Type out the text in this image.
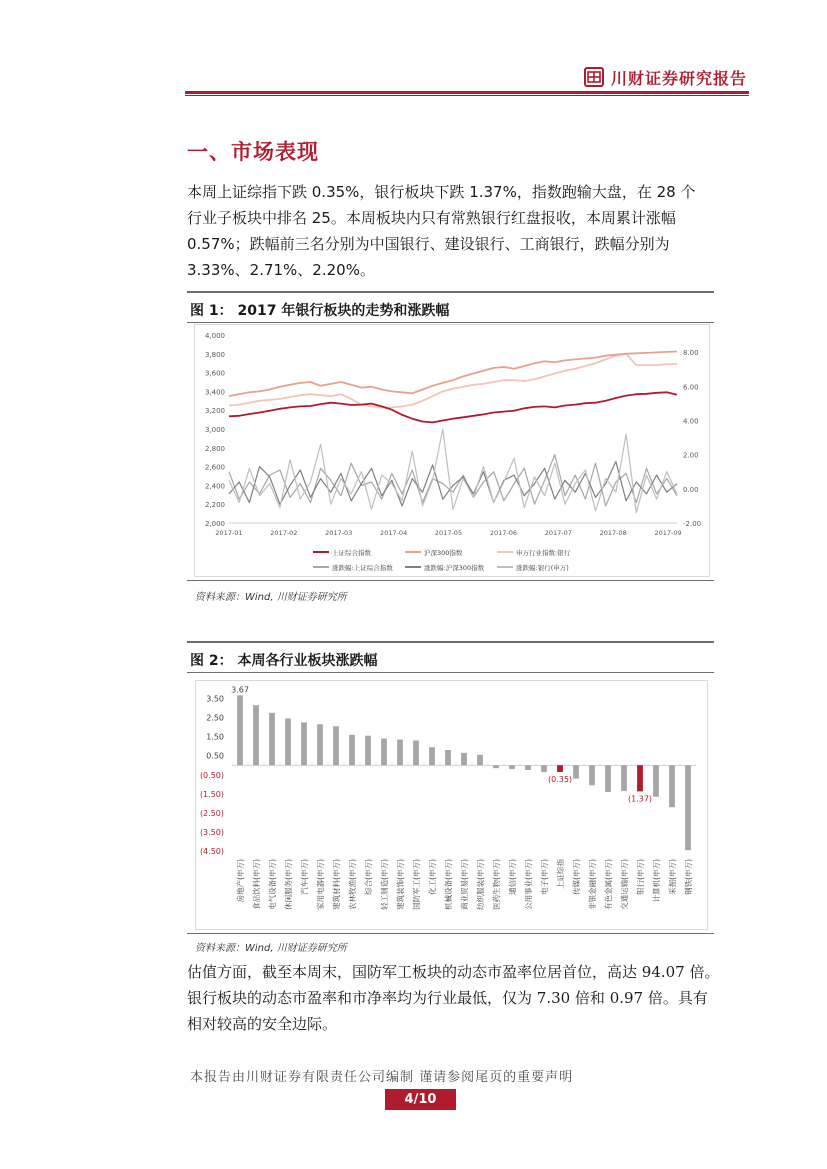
川财证券研究报告
一、市场表现
本周上证综指下跌 0.35%，银行板块下跌 1.37%，指数跑输大盘，在 28 个
行业子板块中排名 25。本周板块内只有常熟银行红盘报收，本周累计涨幅
0.57%；跌幅前三名分别为中国银行、建设银行、工商银行，跌幅分别为
3.33%、2.71%、2.20%。
图 1： 2017 年银行板块的走势和涨跌幅
4,000
3,800
3,600
3,400
3,200
3,000
2,800
2,600
2,400
2,200
2,000
8.00
6.00
4.00
2.00
0.00
-2.00
2017-01	2017-02	2017-03	2017-04	2017-05	2017-06	2017-07	2017-08	2017-09
上证综合指数	沪深300指数	申万行业指数:银行
涨跌幅:上证综合指数	涨跌幅:沪深300指数	涨跌幅:银行(申万)
资料来源：Wind, 川财证券研究所
图 2： 本周各行业板块涨跌幅
3.50
2.50
1.50
0.50
(0.50)
(1.50)
(2.50)
(3.50)
(4.50)
3.67
房地产(申万) 食品饮料(申万) 电气设备(申万) 休闲服务(申万) 汽车(申万) 家用电器(申万) 建筑材料(申万) 农林牧渔(申万) 综合(申万) 轻工制造(申万) 建筑装饰(申万) 国防军工(申万) 化工(申万) 机械设备(申万) 商业贸易(申万) 纺织服装(申万) 医药生物(申万) 通信(申万) 公用事业(申万) 电子(申万)
(0.35)
上证综指 传媒(申万) 非银金融(申万) 有色金属(申万) 交通运输(申万)
(1.37)
银行(申万) 计算机(申万) 采掘(申万) 钢铁(申万)
资料来源：Wind, 川财证券研究所
估值方面，截至本周末，国防军工板块的动态市盈率位居首位，高达 94.07 倍。
银行板块的动态市盈率和市净率均为行业最低，仅为 7.30 倍和 0.97 倍。具有
相对较高的安全边际。
本报告由川财证券有限责任公司编制 谨请参阅尾页的重要声明
4/10
